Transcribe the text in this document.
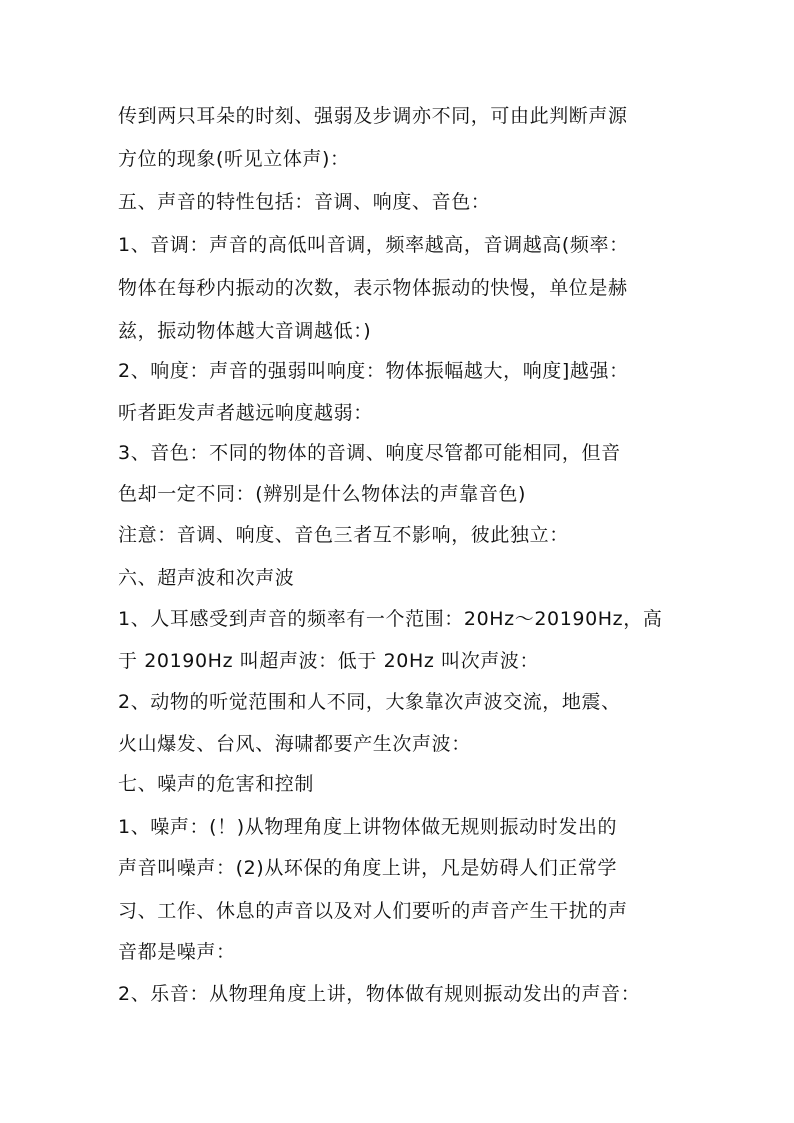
传到两只耳朵的时刻、强弱及步调亦不同，可由此判断声源
方位的现象(听见立体声)：
五、声音的特性包括：音调、响度、音色：
1、音调：声音的高低叫音调，频率越高，音调越高(频率：
物体在每秒内振动的次数，表示物体振动的快慢，单位是赫
兹，振动物体越大音调越低：)
2、响度：声音的强弱叫响度：物体振幅越大，响度]越强：
听者距发声者越远响度越弱：
3、音色：不同的物体的音调、响度尽管都可能相同，但音
色却一定不同：(辨别是什么物体法的声靠音色)
注意：音调、响度、音色三者互不影响，彼此独立：
六、超声波和次声波
1、人耳感受到声音的频率有一个范围：20Hz～20190Hz，高
于 20190Hz 叫超声波：低于 20Hz 叫次声波：
2、动物的听觉范围和人不同，大象靠次声波交流，地震、
火山爆发、台风、海啸都要产生次声波：
七、噪声的危害和控制
1、噪声：(！)从物理角度上讲物体做无规则振动时发出的
声音叫噪声：(2)从环保的角度上讲，凡是妨碍人们正常学
习、工作、休息的声音以及对人们要听的声音产生干扰的声
音都是噪声：
2、乐音：从物理角度上讲，物体做有规则振动发出的声音：
